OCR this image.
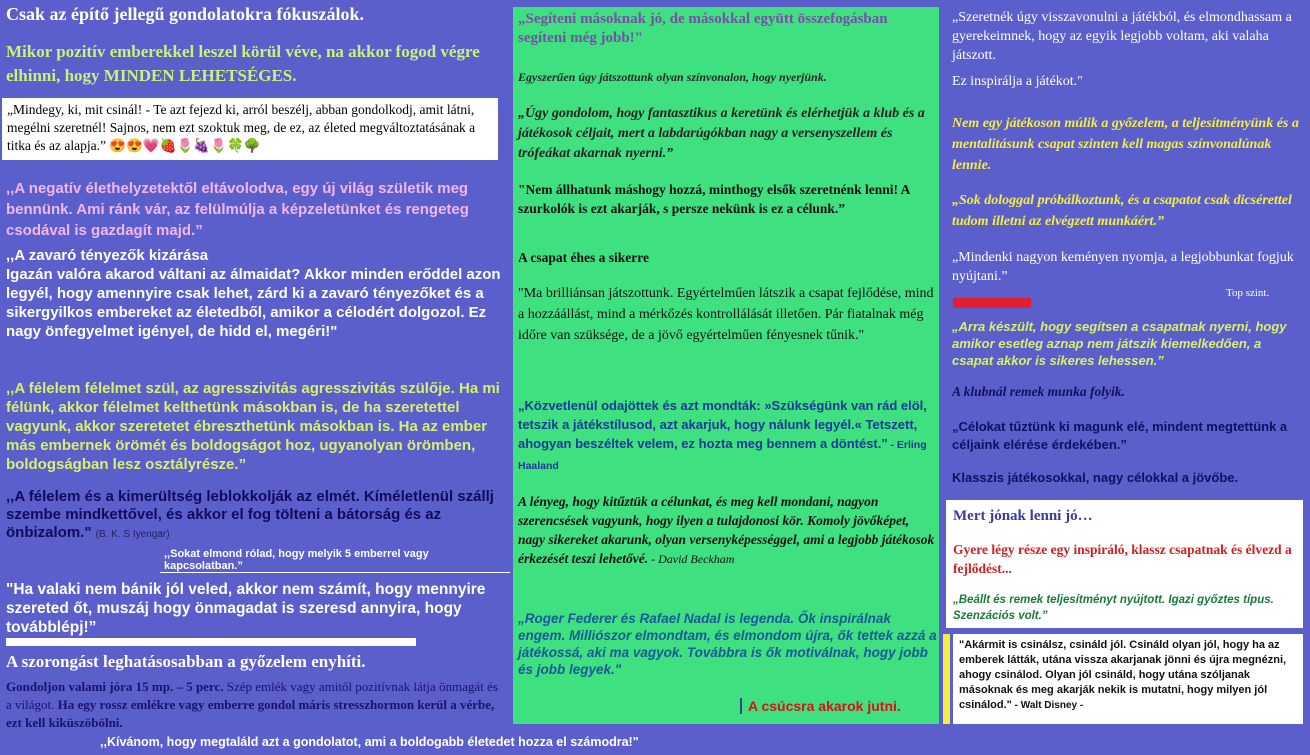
Csak az építő jellegű gondolatokra fókuszálok.
Mikor pozitív emberekkel leszel körül véve, na akkor fogod végre elhinni, hogy MINDEN LEHETSÉGES.
„Mindegy, ki, mit csinál! - Te azt fejezd ki, arról beszélj, abban gondolkodj, amit látni, megélni szeretnél! Sajnos, nem ezt szoktuk meg, de ez, az életed megváltoztatásának a titka és az alapja.” 😍😍💗🍓🌷🍇🌷🍀🌳
,,A negatív élethelyzetektől eltávolodva, egy új világ születik meg bennünk. Ami ránk vár, az felülmúlja a képzeletünket és rengeteg csodával is gazdagít majd.”
,,A zavaró tényezők kizárása
Igazán valóra akarod váltani az álmaidat? Akkor minden erőddel azon legyél, hogy amennyire csak lehet, zárd ki a zavaró tényezőket és a sikergyilkos embereket az életedből, amikor a célodért dolgozol. Ez nagy önfegyelmet igényel, de hidd el, megéri!"
,,A félelem félelmet szül, az agresszivitás agresszivitás szülője. Ha mi félünk, akkor félelmet kelthetünk másokban is, de ha szeretettel vagyunk, akkor szeretetet ébreszthetünk másokban is. Ha az ember más embernek örömét és boldogságot hoz, ugyanolyan örömben, boldogságban lesz osztályrésze.”
,,A félelem és a kimerültség leblokkolják az elmét. Kíméletlenül szállj szembe mindkettővel, és akkor el fog tölteni a bátorság és az önbizalom." (B. K. S Iyengar)
,,Sokat elmond rólad, hogy melyik 5 emberrel vagy kapcsolatban.”
"Ha valaki nem bánik jól veled, akkor nem számít, hogy mennyire szereted őt, muszáj hogy önmagadat is szeresd annyira, hogy továbblépj!”
A szorongást leghatásosabban a győzelem enyhíti.
Gondoljon valami jóra 15 mp. – 5 perc. Szép emlék vagy amitől pozitívnak látja önmagát és a világot. Ha egy rossz emlékre vagy emberre gondol máris stresszhormon kerül a vérbe, ezt kell kiküszöbölni.
,,Kívánom, hogy megtaláld azt a gondolatot, ami a boldogabb életedet hozza el számodra!"
„Segíteni másoknak jó, de másokkal együtt összefogásban segíteni még jobb!"
Egyszerűen úgy játszottunk olyan színvonalon, hogy nyerjünk.
„Úgy gondolom, hogy fantasztikus a keretünk és elérhetjük a klub és a játékosok céljait, mert a labdarúgókban nagy a versenyszellem és trófeákat akarnak nyerni.”
"Nem állhatunk máshogy hozzá, minthogy elsők szeretnénk lenni! A szurkolók is ezt akarják, s persze nekünk is ez a célunk.”
A csapat éhes a sikerre
"Ma brilliánsan játszottunk. Egyértelműen látszik a csapat fejlődése, mind a hozzáállást, mind a mérkőzés kontrollálását illetően. Pár fiatalnak még időre van szüksége, de a jövő egyértelműen fényesnek tűnik."
„Közvetlenül odajöttek és azt mondták: »Szükségünk van rád elöl, tetszik a játékstílusod, azt akarjuk, hogy nálunk legyél.« Tetszett, ahogyan beszéltek velem, ez hozta meg bennem a döntést." - Erling Haaland
A lényeg, hogy kitűztük a célunkat, és meg kell mondani, nagyon szerencsések vagyunk, hogy ilyen a tulajdonosi kör. Komoly jövőképet, nagy sikereket akarunk, olyan versenyképességgel, ami a legjobb játékosok érkezését teszi lehetővé. - David Beckham
„Roger Federer és Rafael Nadal is legenda. Ők inspirálnak engem. Milliószor elmondtam, és elmondom újra, ők tettek azzá a játékossá, aki ma vagyok. Továbbra is ők motiválnak, hogy jobb és jobb legyek."
A csúcsra akarok jutni.
„Szeretnék úgy visszavonulni a játékból, és elmondhassam a gyerekeimnek, hogy az egyik legjobb voltam, aki valaha játszott.
Ez inspirálja a játékot."
Nem egy játékoson múlik a győzelem, a teljesítményünk és a mentalitásunk csapat szinten kell magas színvonalúnak lennie.
„Sok dologgal próbálkoztunk, és a csapatot csak dicsérettel tudom illetni az elvégzett munkáért.”
„Mindenki nagyon keményen nyomja, a legjobbunkat fogjuk nyújtani.”
Top szint.
„Arra készült, hogy segítsen a csapatnak nyerni, hogy amikor esetleg aznap nem játszik kiemelkedően, a csapat akkor is sikeres lehessen.”
A klubnál remek munka folyik.
„Célokat tűztünk ki magunk elé, mindent megtettünk a céljaink elérése érdekében.”
Klasszis játékosokkal, nagy célokkal a jövőbe.
Mert jónak lenni jó…
Gyere légy része egy inspiráló, klassz csapatnak és élvezd a fejlődést...
„Beállt és remek teljesítményt nyújtott. Igazi győztes típus. Szenzációs volt.”
"Akármit is csinálsz, csináld jól. Csináld olyan jól, hogy ha az emberek látták, utána vissza akarjanak jönni és újra megnézni, ahogy csinálod. Olyan jól csináld, hogy utána szóljanak másoknak és meg akarják nekik is mutatni, hogy milyen jól csinálod." - Walt Disney -
